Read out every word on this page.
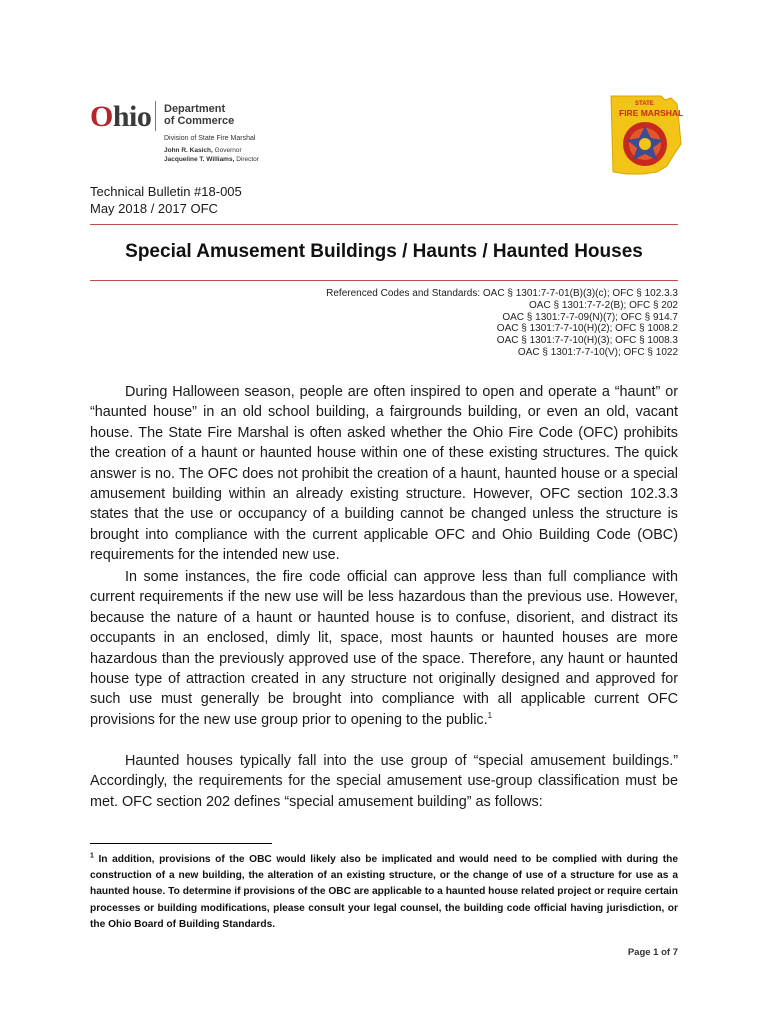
Ohio Department
of Commerce
Division of State Fire Marshal
John R. Kasich, Governor
Jacqueline T. Williams, Director
STATE
FIRE MARSHAL
Technical Bulletin #18-005
May 2018 / 2017 OFC
Special Amusement Buildings / Haunts / Haunted Houses
Referenced Codes and Standards: OAC § 1301:7-7-01(B)(3)(c); OFC § 102.3.3
OAC § 1301:7-7-2(B); OFC § 202
OAC § 1301:7-7-09(N)(7); OFC § 914.7
OAC § 1301:7-7-10(H)(2); OFC § 1008.2
OAC § 1301:7-7-10(H)(3); OFC § 1008.3
OAC § 1301:7-7-10(V); OFC § 1022

During Halloween season, people are often inspired to open and operate a “haunt” or “haunted house” in an old school building, a fairgrounds building, or even an old, vacant house. The State Fire Marshal is often asked whether the Ohio Fire Code (OFC) prohibits the creation of a haunt or haunted house within one of these existing structures. The quick answer is no. The OFC does not prohibit the creation of a haunt, haunted house or a special amusement building within an already existing structure. However, OFC section 102.3.3 states that the use or occupancy of a building cannot be changed unless the structure is brought into compliance with the current applicable OFC and Ohio Building Code (OBC) requirements for the intended new use.

In some instances, the fire code official can approve less than full compliance with current requirements if the new use will be less hazardous than the previous use. However, because the nature of a haunt or haunted house is to confuse, disorient, and distract its occupants in an enclosed, dimly lit, space, most haunts or haunted houses are more hazardous than the previously approved use of the space. Therefore, any haunt or haunted house type of attraction created in any structure not originally designed and approved for such use must generally be brought into compliance with all applicable current OFC provisions for the new use group prior to opening to the public.$^1$

Haunted houses typically fall into the use group of “special amusement buildings.” Accordingly, the requirements for the special amusement use-group classification must be met. OFC section 202 defines “special amusement building” as follows:

$^1$ In addition, provisions of the OBC would likely also be implicated and would need to be complied with during the construction of a new building, the alteration of an existing structure, or the change of use of a structure for use as a haunted house. To determine if provisions of the OBC are applicable to a haunted house related project or require certain processes or building modifications, please consult your legal counsel, the building code official having jurisdiction, or the Ohio Board of Building Standards.
Page 1 of 7
